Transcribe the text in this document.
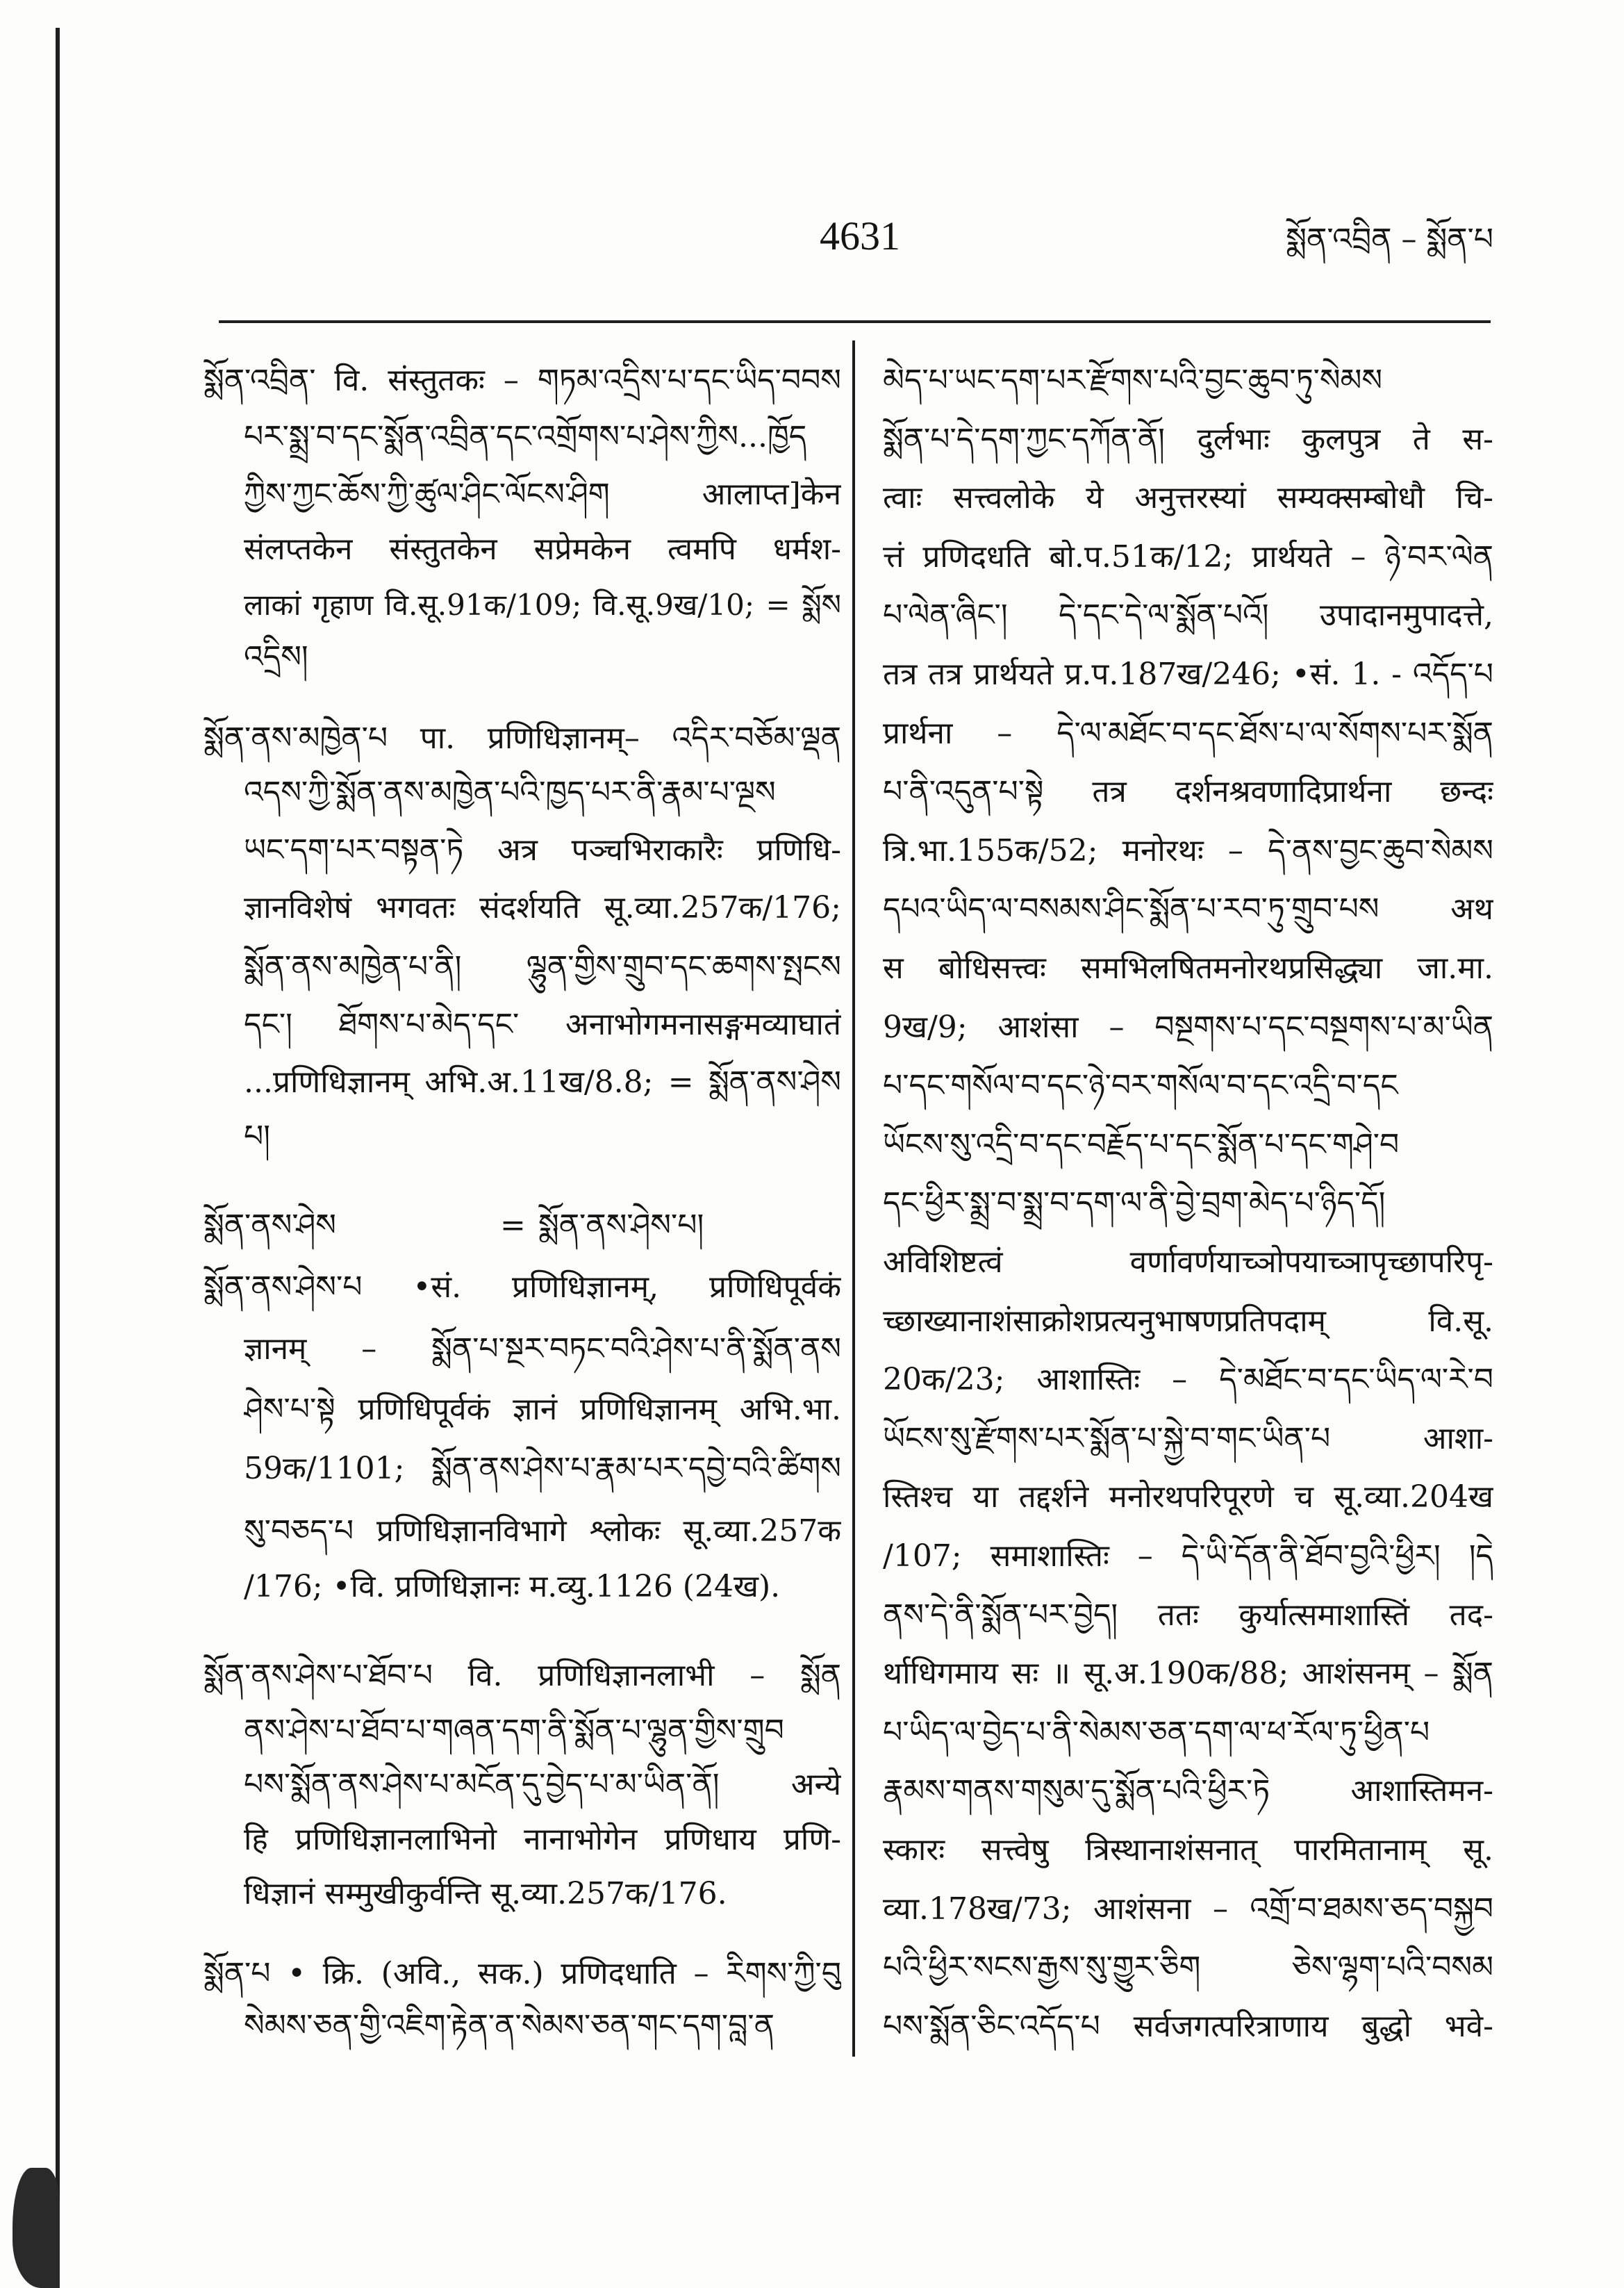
4631	སྨོན་འབྲིན – སྨོན་པ
སྨོན་འབྲིན་ वि. संस्तुतकः – གཏམ་འདྲིས་པ་དང་ཡིད་བབས
པར་སྨྲ་བ་དང་སྨོན་འབྲིན་དང་འགྲོགས་པ་ཤེས་ཀྱིས...ཁྱོད
ཀྱིས་ཀྱང་ཆོས་ཀྱི་ཚུལ་ཤིང་ལོངས་ཤིག आलाप्त]केन
संलप्तकेन संस्तुतकेन सप्रेमकेन त्वमपि धर्मश-
लाकां गृहाण वि.सू.91क/109; वि.सू.9ख/10; = སྨོས
འདྲིས།
སྨོན་ནས་མཁྱེན་པ पा. प्रणिधिज्ञानम्– འདིར་བཅོམ་ལྡན
འདས་ཀྱི་སྨོན་ནས་མཁྱེན་པའི་ཁྱད་པར་ནི་རྣམ་པ་ལྔས
ཡང་དག་པར་བསྟན་ཏེ अत्र पञ्चभिराकारैः प्रणिधि-
ज्ञानविशेषं भगवतः संदर्शयति सू.व्या.257क/176;
སྨོན་ནས་མཁྱེན་པ་ནི། ལྷུན་གྱིས་གྲུབ་དང་ཆགས་སྤངས
དང་། ཐོགས་པ་མེད་དང་ अनाभोगमनासङ्गमव्याघातं
...प्रणिधिज्ञानम् अभि.अ.11ख/8.8; = སྨོན་ནས་ཤེས
པ།
སྨོན་ནས་ཤེས	= སྨོན་ནས་ཤེས་པ།
སྨོན་ནས་ཤེས་པ •सं. प्रणिधिज्ञानम्, प्रणिधिपूर्वकं
ज्ञानम् – སྨོན་པ་སྔར་བཏང་བའི་ཤེས་པ་ནི་སྨོན་ནས
ཤེས་པ་སྟེ प्रणिधिपूर्वकं ज्ञानं प्रणिधिज्ञानम् अभि.भा.
59क/1101; སྨོན་ནས་ཤེས་པ་རྣམ་པར་དབྱེ་བའི་ཚིགས
སུ་བཅད་པ प्रणिधिज्ञानविभागे श्लोकः सू.व्या.257क
/176; •वि. प्रणिधिज्ञानः म.व्यु.1126 (24ख).
སྨོན་ནས་ཤེས་པ་ཐོབ་པ वि. प्रणिधिज्ञानलाभी – སྨོན
ནས་ཤེས་པ་ཐོབ་པ་གཞན་དག་ནི་སྨོན་པ་ལྷུན་གྱིས་གྲུབ
པས་སྨོན་ནས་ཤེས་པ་མངོན་དུ་བྱེད་པ་མ་ཡིན་ནོ། अन्ये
हि प्रणिधिज्ञानलाभिनो नानाभोगेन प्रणिधाय प्रणि-
धिज्ञानं सम्मुखीकुर्वन्ति सू.व्या.257क/176.
སྨོན་པ • क्रि. (अवि., सक.) प्रणिदधाति – རིགས་ཀྱི་བུ
སེམས་ཅན་གྱི་འཇིག་རྟེན་ན་སེམས་ཅན་གང་དག་བླ་ན
མེད་པ་ཡང་དག་པར་རྫོགས་པའི་བྱང་ཆུབ་ཏུ་སེམས
སྨོན་པ་དེ་དག་ཀྱང་དཀོན་ནོ། दुर्लभाः कुलपुत्र ते स-
त्वाः सत्त्वलोके ये अनुत्तरस्यां सम्यक्सम्बोधौ चि-
त्तं प्रणिदधति बो.प.51क/12; प्रार्थयते – ཉེ་བར་ལེན
པ་ལེན་ཞིང་། དེ་དང་དེ་ལ་སྨོན་པའོ། उपादानमुपादत्ते,
तत्र तत्र प्रार्थयते प्र.प.187ख/246; •सं. 1. - འདོད་པ
प्रार्थना – དེ་ལ་མཐོང་བ་དང་ཐོས་པ་ལ་སོགས་པར་སྨོན
པ་ནི་འདུན་པ་སྟེ तत्र दर्शनश्रवणादिप्रार्थना छन्दः
त्रि.भा.155क/52; मनोरथः – དེ་ནས་བྱང་ཆུབ་སེམས
དཔའ་ཡིད་ལ་བསམས་ཤིང་སྨོན་པ་རབ་ཏུ་གྲུབ་པས अथ
स बोधिसत्त्वः समभिलषितमनोरथप्रसिद्ध्या जा.मा.
9ख/9; आशंसा – བསྔགས་པ་དང་བསྔགས་པ་མ་ཡིན
པ་དང་གསོལ་བ་དང་ཉེ་བར་གསོལ་བ་དང་འདྲི་བ་དང
ཡོངས་སུ་འདྲི་བ་དང་བརྗོད་པ་དང་སྨོན་པ་དང་གཤེ་བ
དང་ཕྱིར་སྨྲ་བ་སྨྲ་བ་དག་ལ་ནི་བྱེ་བྲག་མེད་པ་ཉིད་དོ།
अविशिष्टत्वं वर्णावर्णयाच्ञोपयाच्ञापृच्छापरिपृ-
च्छाख्यानाशंसाक्रोशप्रत्यनुभाषणप्रतिपदाम् वि.सू.
20क/23; आशास्तिः – དེ་མཐོང་བ་དང་ཡིད་ལ་རེ་བ
ཡོངས་སུ་རྫོགས་པར་སྨོན་པ་སྐྱེ་བ་གང་ཡིན་པ आशा-
स्तिश्च या तद्दर्शने मनोरथपरिपूरणे च सू.व्या.204ख
/107; समाशास्तिः – དེ་ཡི་དོན་ནི་ཐོབ་བྱའི་ཕྱིར། །དེ
ནས་དེ་ནི་སྨོན་པར་བྱེད། ततः कुर्यात्समाशास्तिं तद-
र्थाधिगमाय सः ॥ सू.अ.190क/88; आशंसनम् – སྨོན
པ་ཡིད་ལ་བྱེད་པ་ནི་སེམས་ཅན་དག་ལ་ཕ་རོལ་ཏུ་ཕྱིན་པ
རྣམས་གནས་གསུམ་དུ་སྨོན་པའི་ཕྱིར་ཏེ आशास्तिमन-
स्कारः सत्त्वेषु त्रिस्थानाशंसनात् पारमितानाम् सू.
व्या.178ख/73; आशंसना – འགྲོ་བ་ཐམས་ཅད་བསྐྱབ
པའི་ཕྱིར་སངས་རྒྱས་སུ་གྱུར་ཅིག ཅེས་ལྷག་པའི་བསམ
པས་སྨོན་ཅིང་འདོད་པ सर्वजगत्परित्राणाय बुद्धो भवे-
